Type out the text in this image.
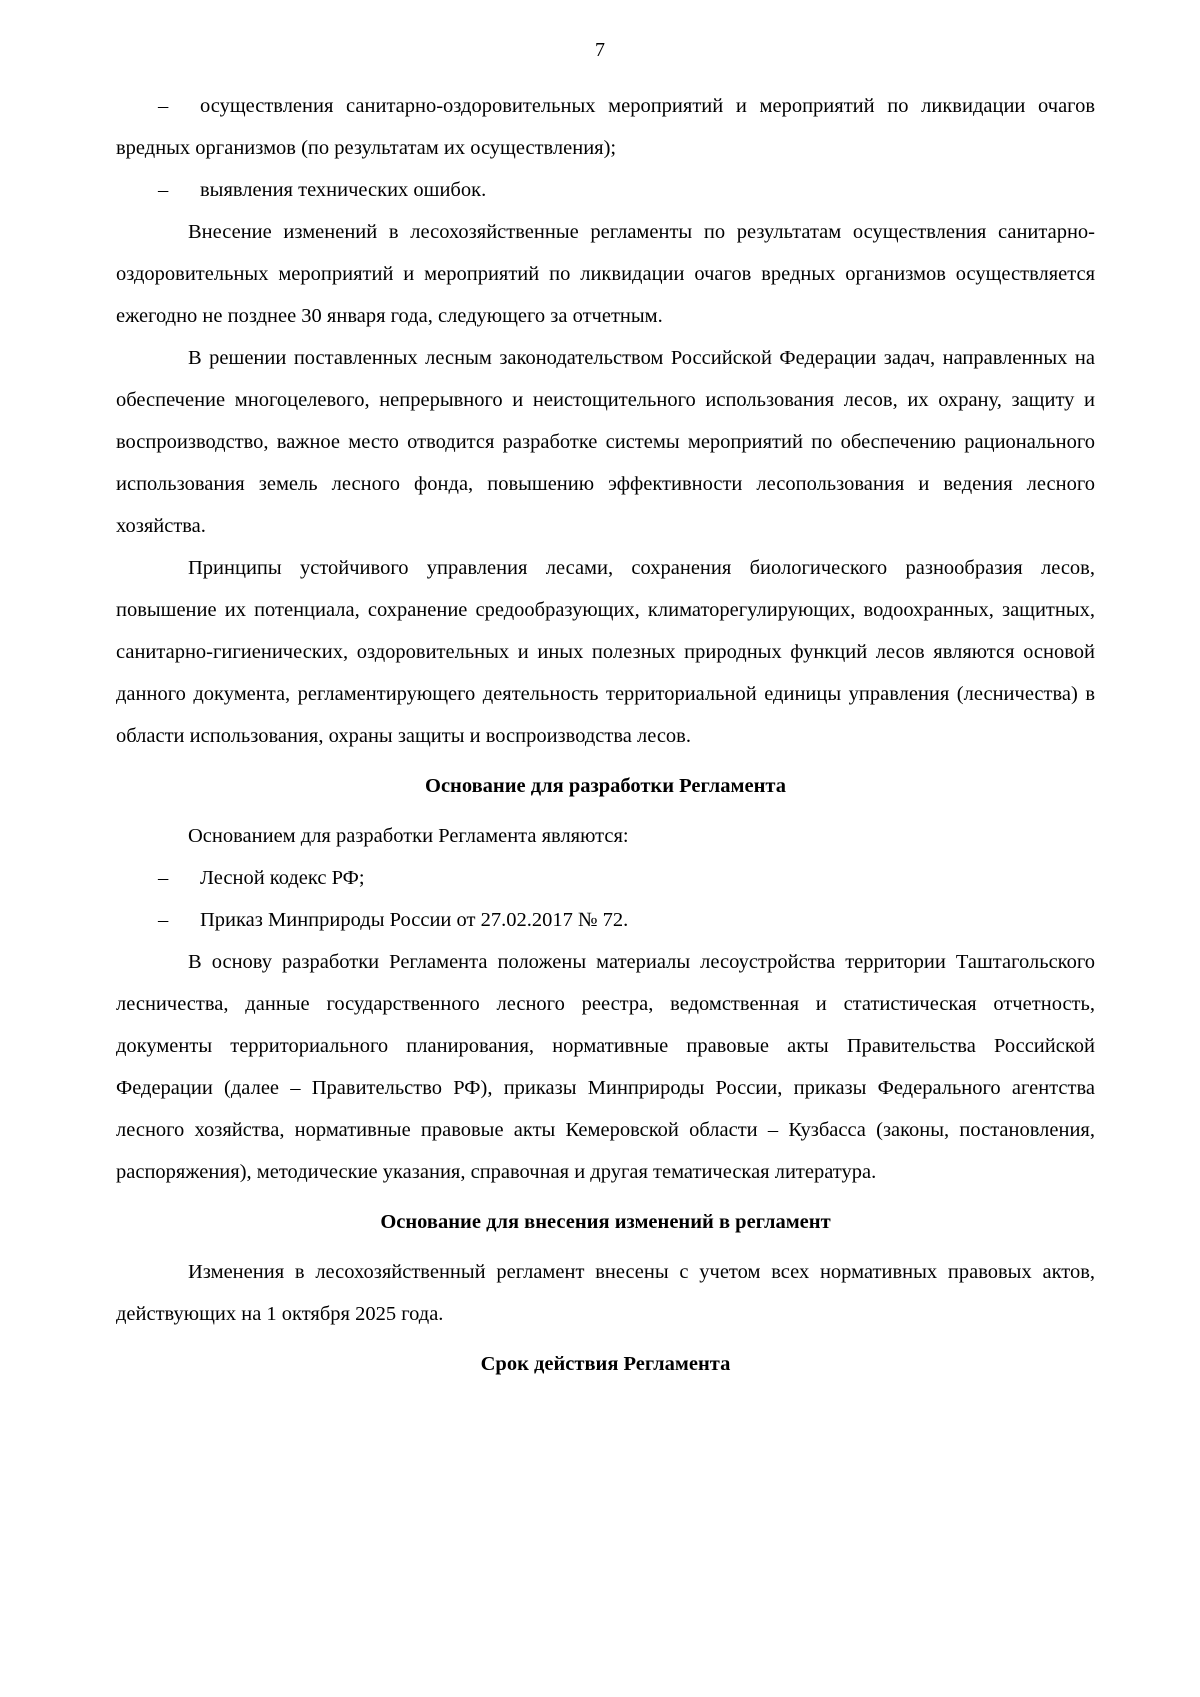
7

– осуществления санитарно-оздоровительных мероприятий и мероприятий по ликвидации очагов вредных организмов (по результатам их осуществления);

– выявления технических ошибок.

Внесение изменений в лесохозяйственные регламенты по результатам осуществления санитарно-оздоровительных мероприятий и мероприятий по ликвидации очагов вредных организмов осуществляется ежегодно не позднее 30 января года, следующего за отчетным.

В решении поставленных лесным законодательством Российской Федерации задач, направленных на обеспечение многоцелевого, непрерывного и неистощительного использования лесов, их охрану, защиту и воспроизводство, важное место отводится разработке системы мероприятий по обеспечению рационального использования земель лесного фонда, повышению эффективности лесопользования и ведения лесного хозяйства.

Принципы устойчивого управления лесами, сохранения биологического разнообразия лесов, повышение их потенциала, сохранение средообразующих, климаторегулирующих, водоохранных, защитных, санитарно-гигиенических, оздоровительных и иных полезных природных функций лесов являются основой данного документа, регламентирующего деятельность территориальной единицы управления (лесничества) в области использования, охраны защиты и воспроизводства лесов.

Основание для разработки Регламента

Основанием для разработки Регламента являются:

– Лесной кодекс РФ;

– Приказ Минприроды России от 27.02.2017 № 72.

В основу разработки Регламента положены материалы лесоустройства территории Таштагольского лесничества, данные государственного лесного реестра, ведомственная и статистическая отчетность, документы территориального планирования, нормативные правовые акты Правительства Российской Федерации (далее – Правительство РФ), приказы Минприроды России, приказы Федерального агентства лесного хозяйства, нормативные правовые акты Кемеровской области – Кузбасса (законы, постановления, распоряжения), методические указания, справочная и другая тематическая литература.

Основание для внесения изменений в регламент

Изменения в лесохозяйственный регламент внесены с учетом всех нормативных правовых актов, действующих на 1 октября 2025 года.

Срок действия Регламента
